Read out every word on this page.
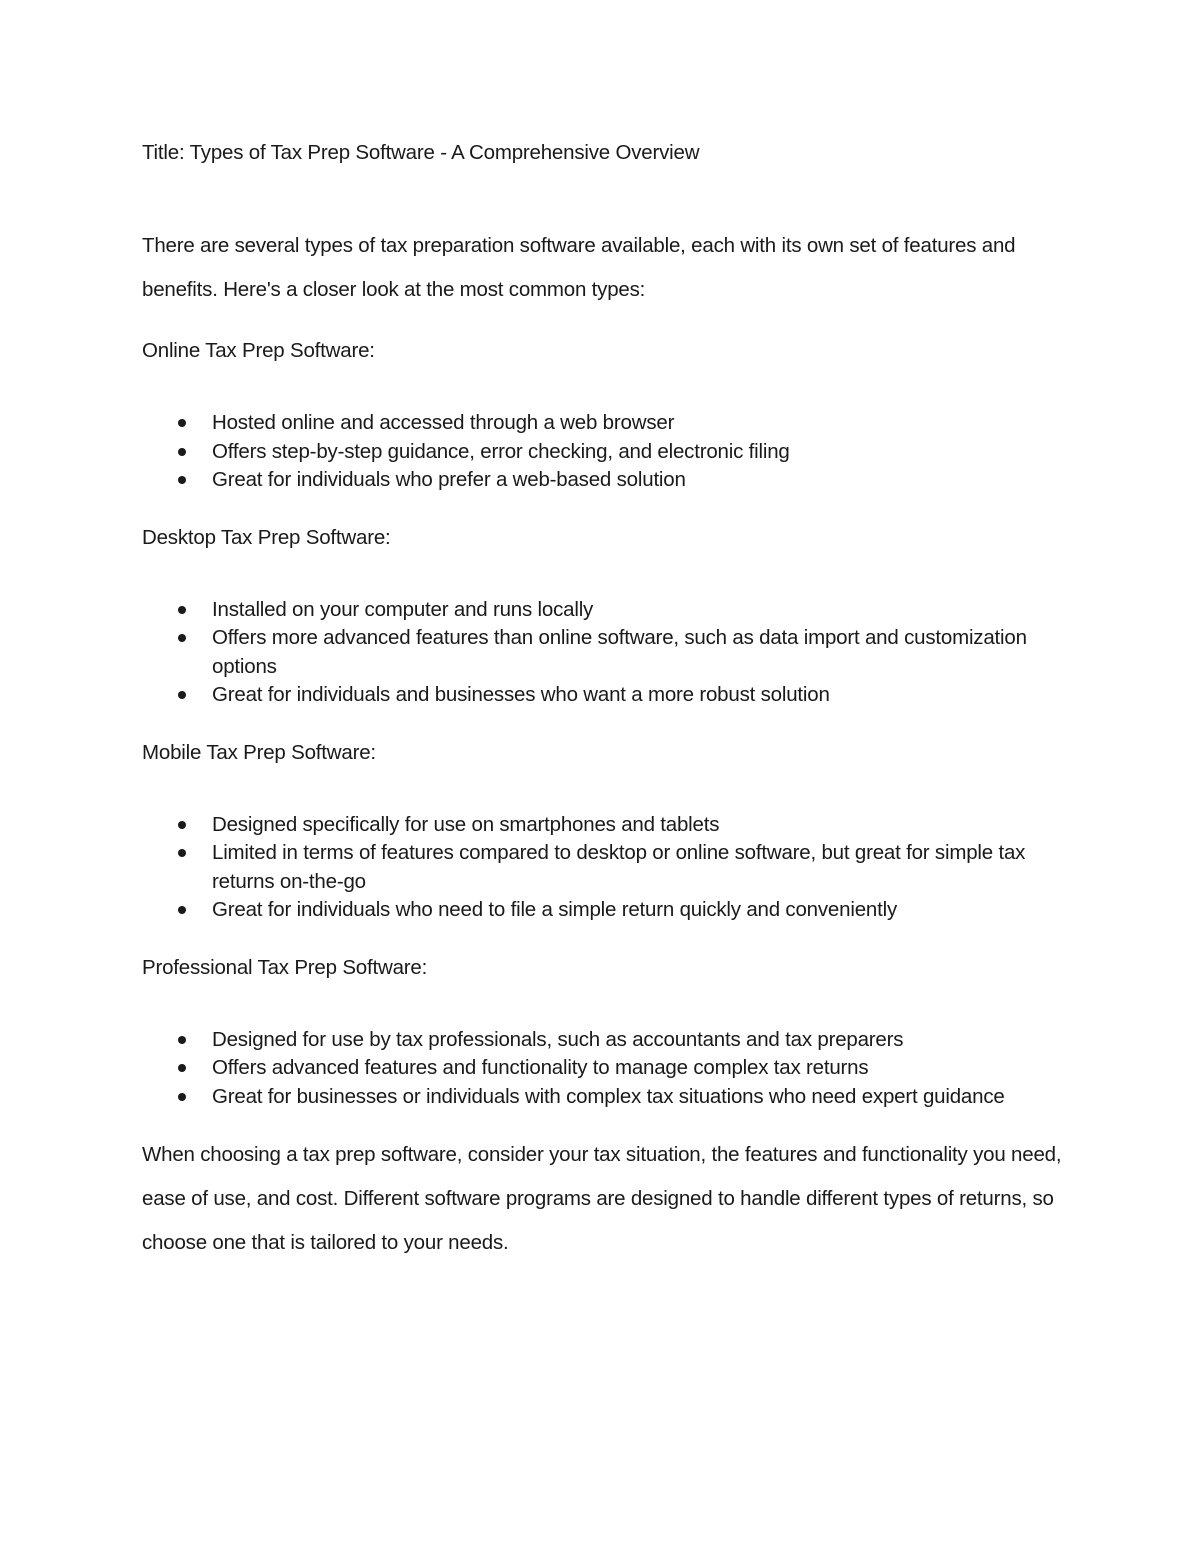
Title: Types of Tax Prep Software - A Comprehensive Overview

There are several types of tax preparation software available, each with its own set of features and benefits. Here's a closer look at the most common types:

Online Tax Prep Software:
Hosted online and accessed through a web browser
Offers step-by-step guidance, error checking, and electronic filing
Great for individuals who prefer a web-based solution
Desktop Tax Prep Software:
Installed on your computer and runs locally
Offers more advanced features than online software, such as data import and customization options
Great for individuals and businesses who want a more robust solution
Mobile Tax Prep Software:
Designed specifically for use on smartphones and tablets
Limited in terms of features compared to desktop or online software, but great for simple tax returns on-the-go
Great for individuals who need to file a simple return quickly and conveniently
Professional Tax Prep Software:
Designed for use by tax professionals, such as accountants and tax preparers
Offers advanced features and functionality to manage complex tax returns
Great for businesses or individuals with complex tax situations who need expert guidance

When choosing a tax prep software, consider your tax situation, the features and functionality you need, ease of use, and cost. Different software programs are designed to handle different types of returns, so choose one that is tailored to your needs.
